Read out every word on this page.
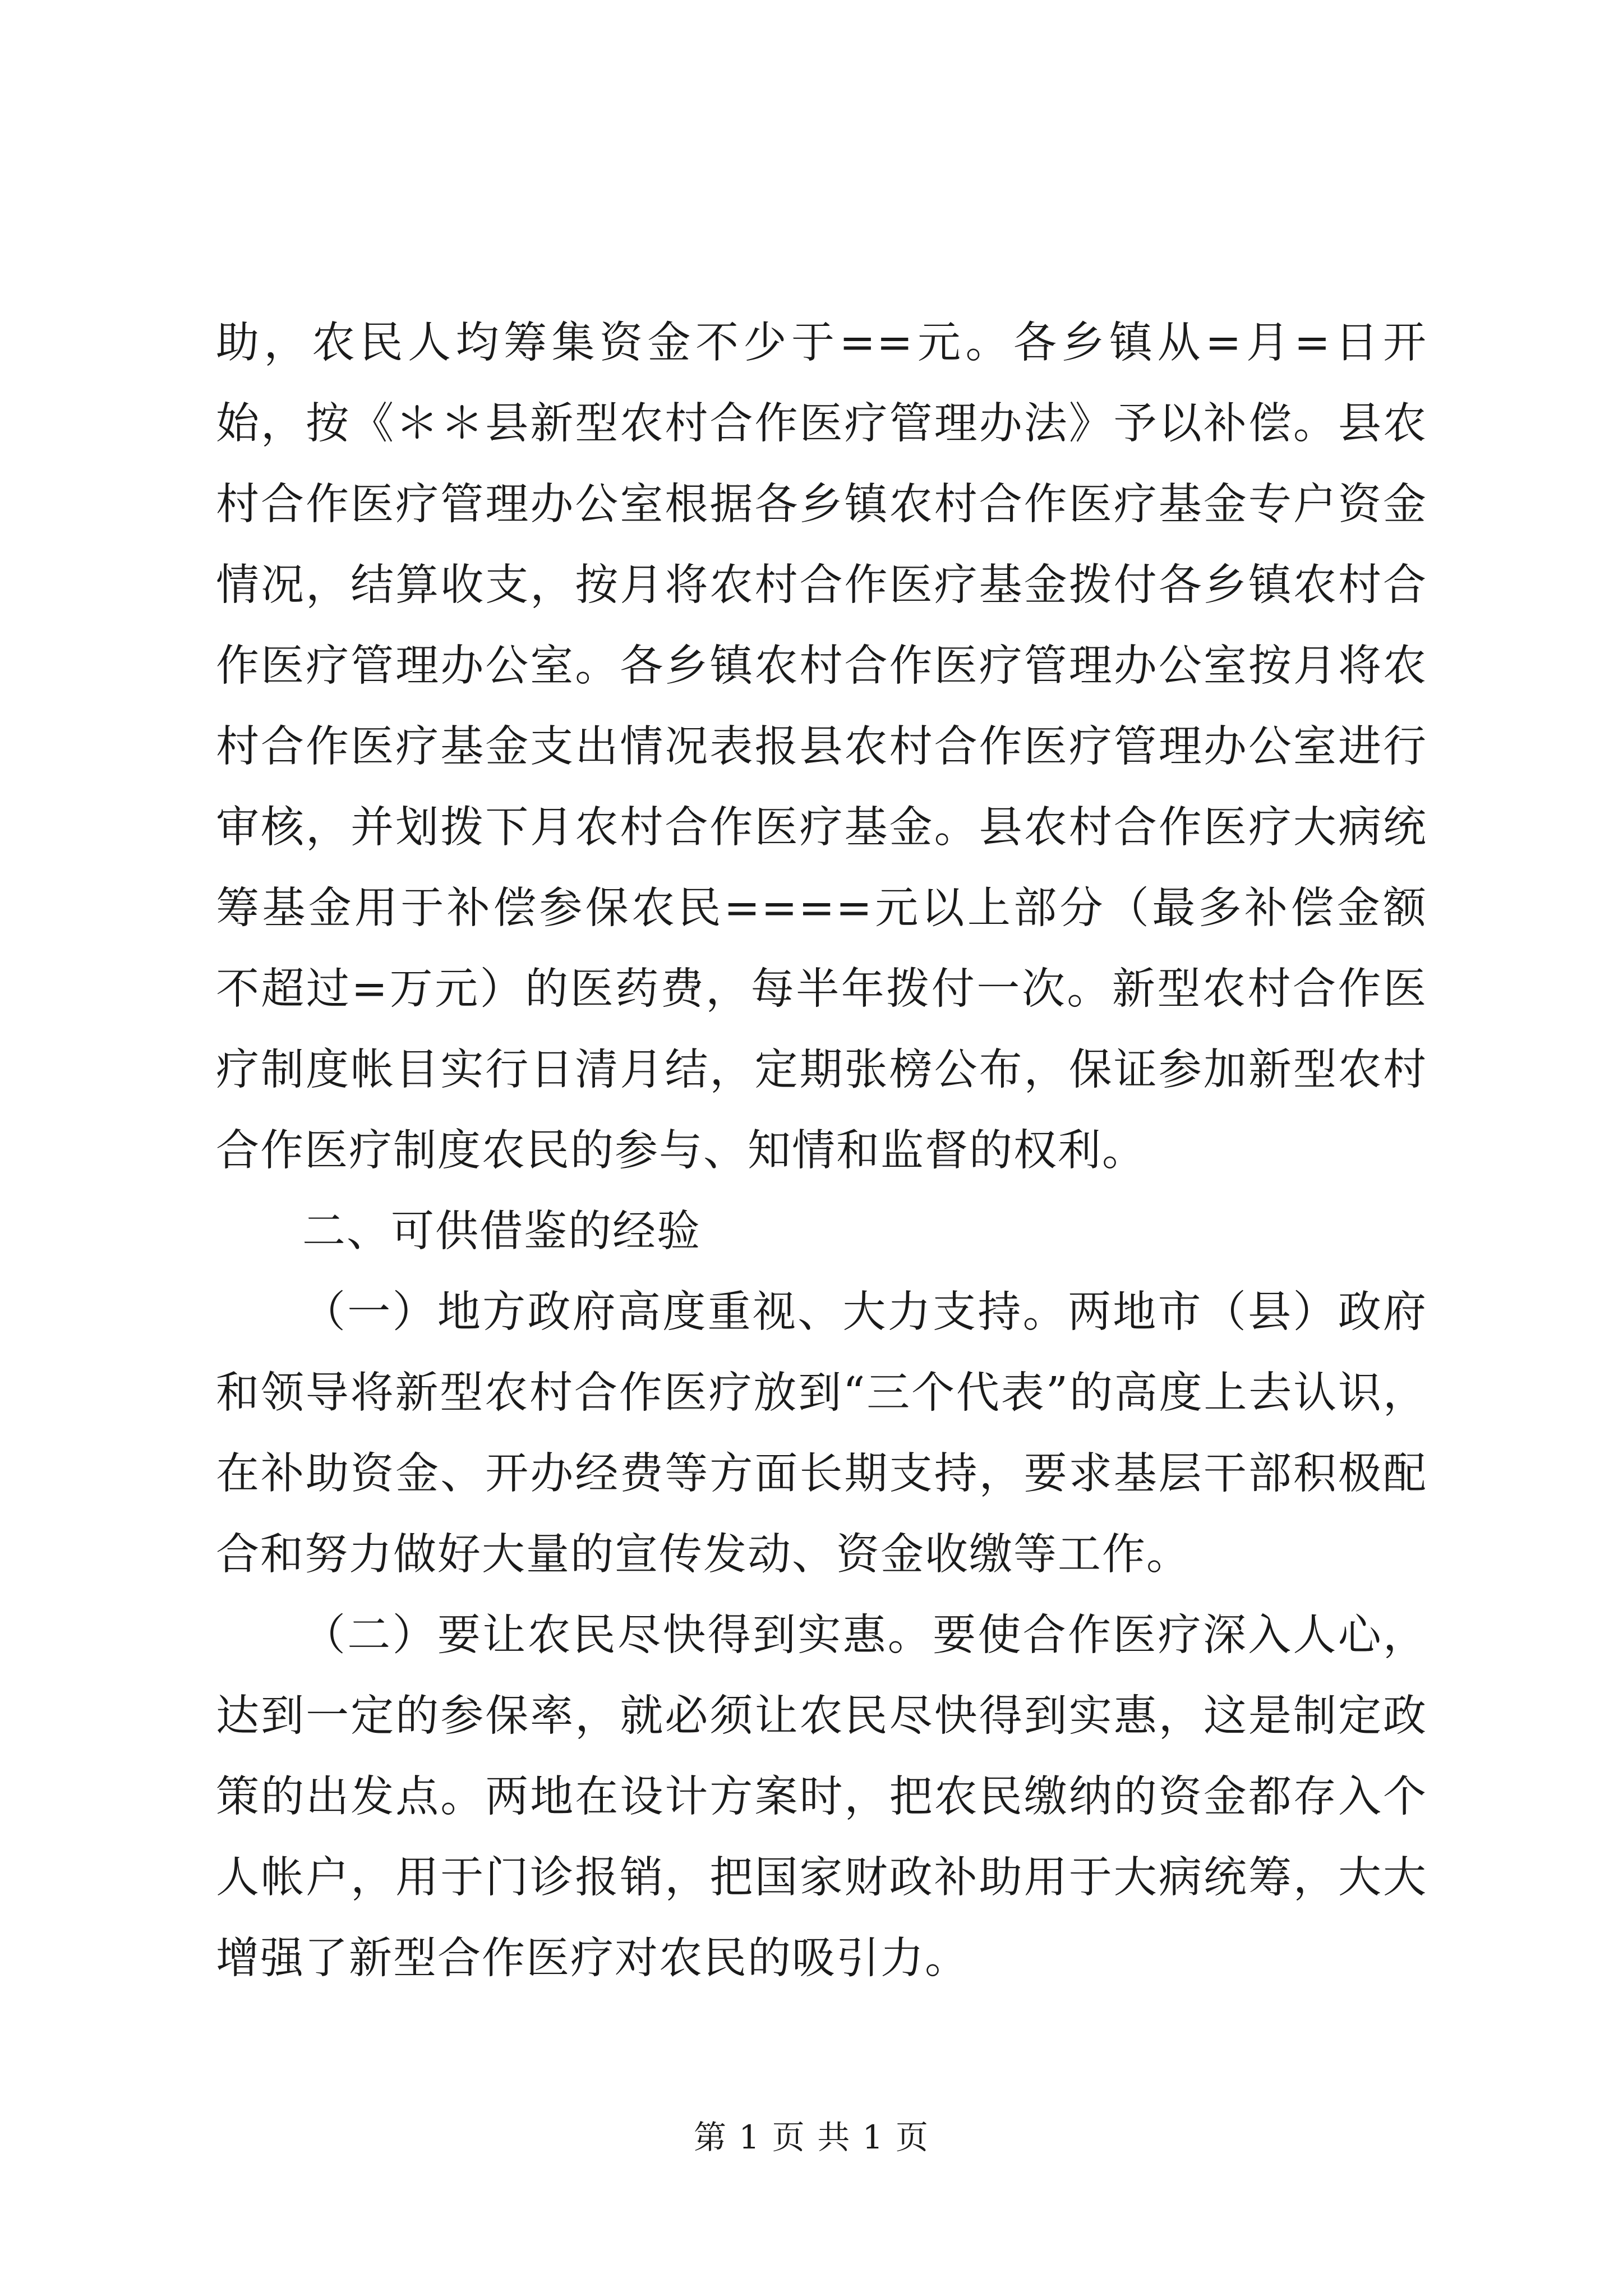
助，农民人均筹集资金不少于==元。各乡镇从=月=日开始，按《＊＊县新型农村合作医疗管理办法》予以补偿。县农村合作医疗管理办公室根据各乡镇农村合作医疗基金专户资金情况，结算收支，按月将农村合作医疗基金拨付各乡镇农村合作医疗管理办公室。各乡镇农村合作医疗管理办公室按月将农村合作医疗基金支出情况表报县农村合作医疗管理办公室进行审核，并划拨下月农村合作医疗基金。县农村合作医疗大病统筹基金用于补偿参保农民====元以上部分（最多补偿金额不超过=万元）的医药费，每半年拨付一次。新型农村合作医疗制度帐目实行日清月结，定期张榜公布，保证参加新型农村合作医疗制度农民的参与、知情和监督的权利。

二、可供借鉴的经验

（一）地方政府高度重视、大力支持。两地市（县）政府和领导将新型农村合作医疗放到“三个代表”的高度上去认识，在补助资金、开办经费等方面长期支持，要求基层干部积极配合和努力做好大量的宣传发动、资金收缴等工作。

（二）要让农民尽快得到实惠。要使合作医疗深入人心，达到一定的参保率，就必须让农民尽快得到实惠，这是制定政策的出发点。两地在设计方案时，把农民缴纳的资金都存入个人帐户，用于门诊报销，把国家财政补助用于大病统筹，大大增强了新型合作医疗对农民的吸引力。

第 1 页 共 1 页
